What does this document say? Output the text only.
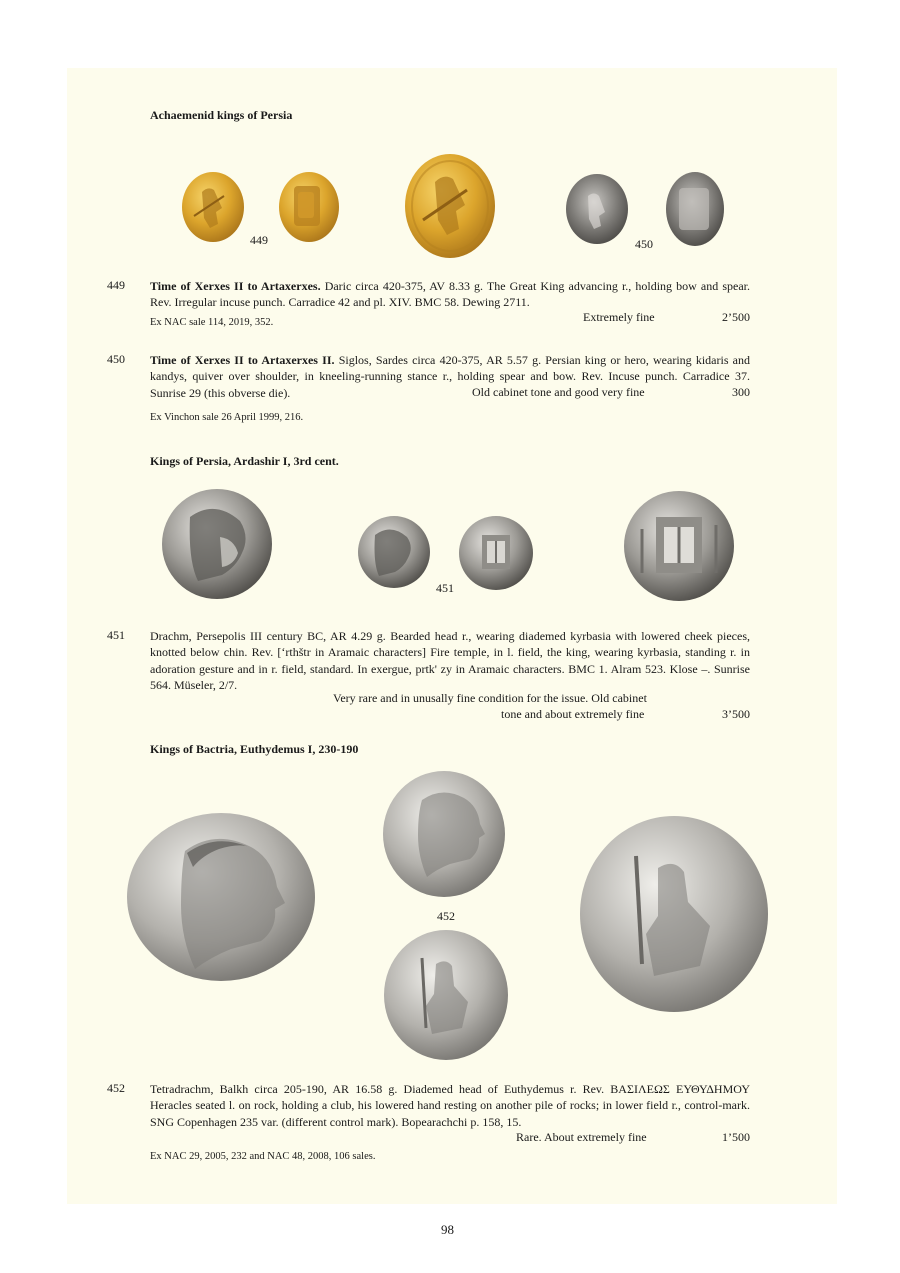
Achaemenid kings of Persia
449	450
449 Time of Xerxes II to Artaxerxes. Daric circa 420-375, AV 8.33 g. The Great King advancing r., holding bow and spear. Rev. Irregular incuse punch. Carradice 42 and pl. XIV. BMC 58. Dewing 2711.
Ex NAC sale 114, 2019, 352.	Extremely fine	2’500
450 Time of Xerxes II to Artaxerxes II. Siglos, Sardes circa 420-375, AR 5.57 g. Persian king or hero, wearing kidaris and kandys, quiver over shoulder, in kneeling-running stance r., holding spear and bow. Rev. Incuse punch. Carradice 37. Sunrise 29 (this obverse die).	Old cabinet tone and good very fine	300
Ex Vinchon sale 26 April 1999, 216.
Kings of Persia, Ardashir I, 3rd cent.
451
451 Drachm, Persepolis III century BC, AR 4.29 g. Bearded head r., wearing diademed kyrbasia with lowered cheek pieces, knotted below chin. Rev. [‘rthštr in Aramaic characters] Fire temple, in l. field, the king, wearing kyrbasia, standing r. in adoration gesture and in r. field, standard. In exergue, prtk' zy in Aramaic characters. BMC 1. Alram 523. Klose –. Sunrise 564. Müseler, 2/7.
Very rare and in unusally fine condition for the issue. Old cabinet
tone and about extremely fine	3’500
Kings of Bactria, Euthydemus I, 230-190
452
452 Tetradrachm, Balkh circa 205-190, AR 16.58 g. Diademed head of Euthydemus r. Rev. ΒΑΣΙΛΕΩΣ ΕΥΘΥΔΗΜΟΥ Heracles seated l. on rock, holding a club, his lowered hand resting on another pile of rocks; in lower field r., control-mark. SNG Copenhagen 235 var. (different control mark). Bopearachchi p. 158, 15.
Rare. About extremely fine	1’500
Ex NAC 29, 2005, 232 and NAC 48, 2008, 106 sales.
98
